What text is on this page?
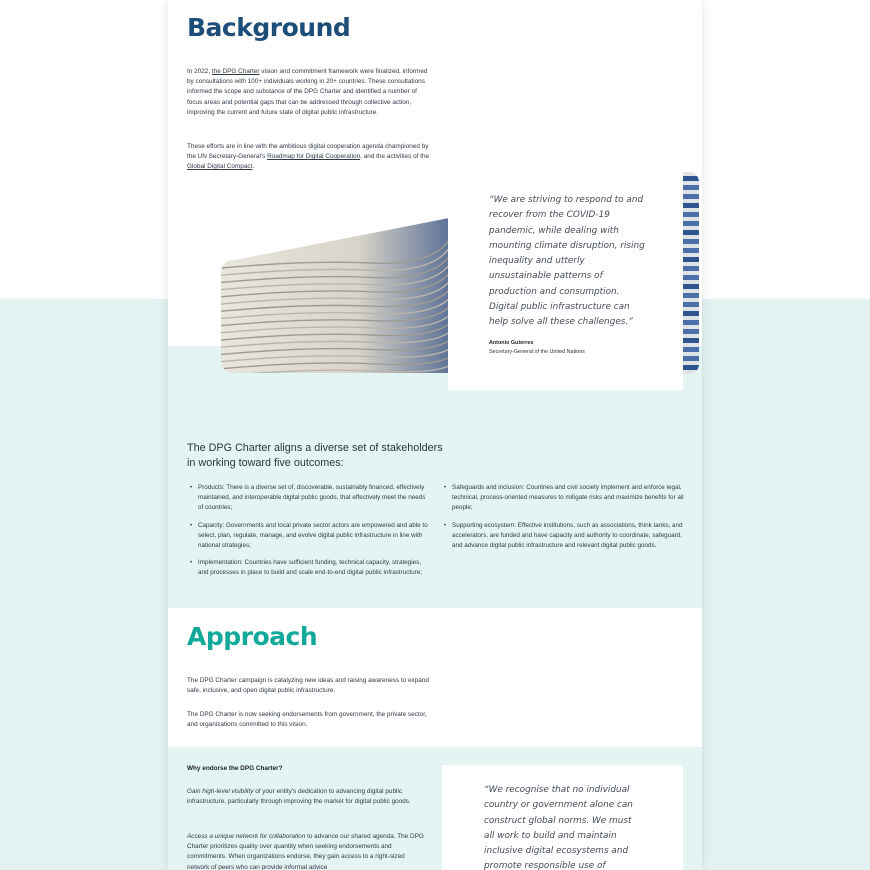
Background

In 2022, the DPG Charter vision and commitment framework were finalized, informed by consultations with 100+ individuals working in 20+ countries. These consultations informed the scope and substance of the DPG Charter and identified a number of focus areas and potential gaps that can be addressed through collective action, improving the current and future state of digital public infrastructure.

These efforts are in line with the ambitious digital cooperation agenda championed by the UN Secretary-General's Roadmap for Digital Cooperation, and the activities of the Global Digital Compact.

“We are striving to respond to and recover from the COVID-19 pandemic, while dealing with mounting climate disruption, rising inequality and utterly unsustainable patterns of production and consumption. Digital public infrastructure can help solve all these challenges.”

Antonio Guterres
Secretary-General of the United Nations

The DPG Charter aligns a diverse set of stakeholders in working toward five outcomes:

• Products: There is a diverse set of, discoverable, sustainably financed, effectively maintained, and interoperable digital public goods, that effectively meet the needs of countries;
• Capacity: Governments and local private sector actors are empowered and able to select, plan, regulate, manage, and evolve digital public infrastructure in line with national strategies;
• Implementation: Countries have sufficient funding, technical capacity, strategies, and processes in place to build and scale end-to-end digital public infrastructure;
• Safeguards and inclusion: Countries and civil society implement and enforce legal, technical, process-oriented measures to mitigate risks and maximize benefits for all people;
• Supporting ecosystem: Effective institutions, such as associations, think tanks, and accelerators, are funded and have capacity and authority to coordinate, safeguard, and advance digital public infrastructure and relevant digital public goods.
Approach

The DPG Charter campaign is catalyzing new ideas and raising awareness to expand safe, inclusive, and open digital public infrastructure.

The DPG Charter is now seeking endorsements from government, the private sector, and organizations committed to this vision.

Why endorse the DPG Charter?

Gain high-level visibility of your entity's dedication to advancing digital public infrastructure, particularly through improving the market for digital public goods.

Access a unique network for collaboration to advance our shared agenda. The DPG Charter prioritizes quality over quantity when seeking endorsements and commitments. When organizations endorse, they gain access to a right-sized network of peers who can provide informal advice

“We recognise that no individual country or government alone can construct global norms. We must all work to build and maintain inclusive digital ecosystems and promote responsible use of
